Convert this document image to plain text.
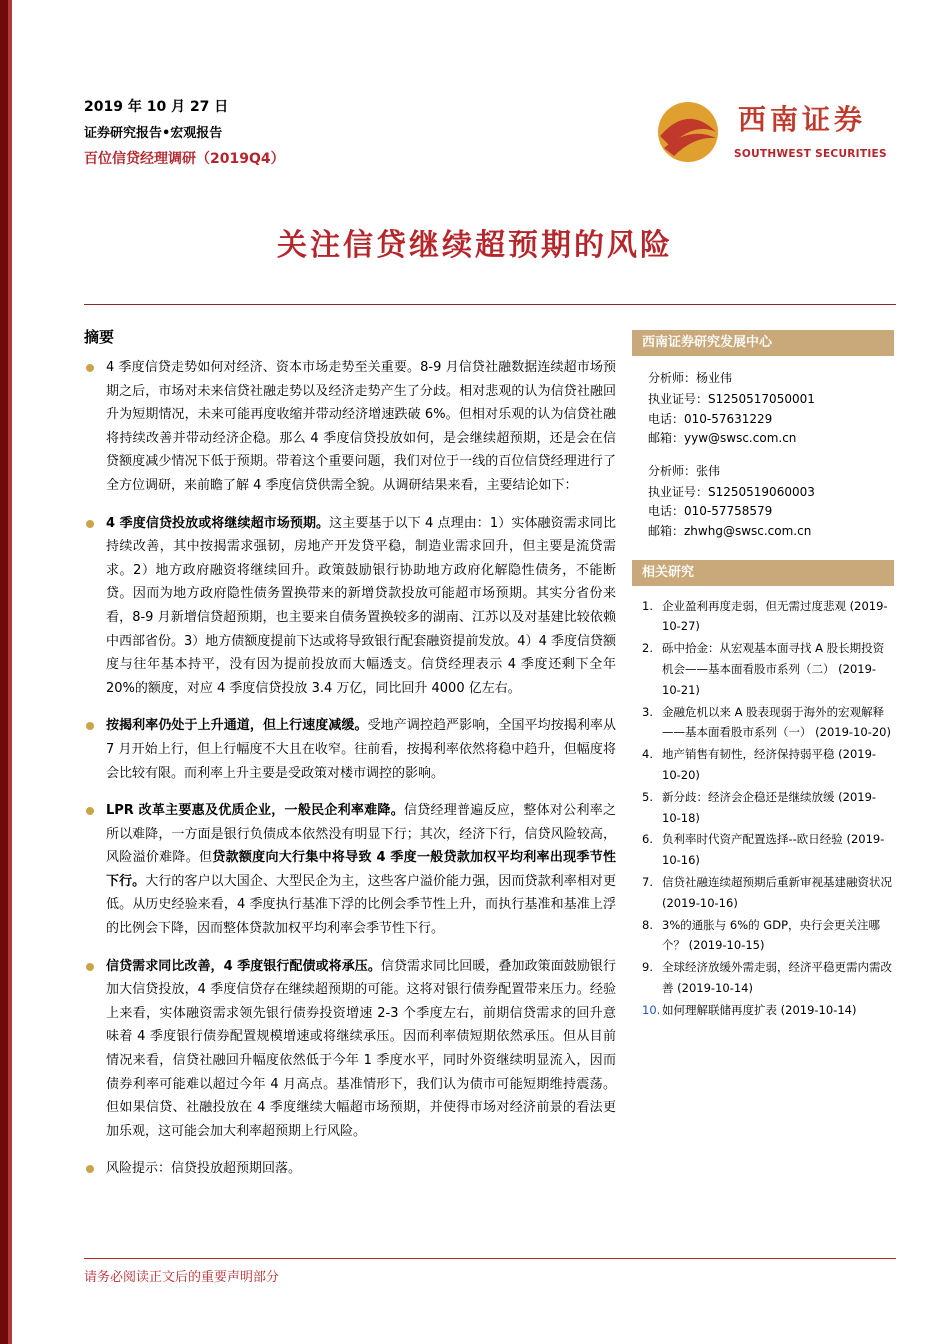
2019 年 10 月 27 日
证券研究报告•宏观报告
百位信贷经理调研（2019Q4）
西南证券
SOUTHWEST SECURITIES
关注信贷继续超预期的风险
摘要
4 季度信贷走势如何对经济、资本市场走势至关重要。8-9 月信贷社融数据连续超市场预期之后，市场对未来信贷社融走势以及经济走势产生了分歧。相对悲观的认为信贷社融回升为短期情况，未来可能再度收缩并带动经济增速跌破 6%。但相对乐观的认为信贷社融将持续改善并带动经济企稳。那么 4 季度信贷投放如何，是会继续超预期，还是会在信贷额度减少情况下低于预期。带着这个重要问题，我们对位于一线的百位信贷经理进行了全方位调研，来前瞻了解 4 季度信贷供需全貌。从调研结果来看，主要结论如下：
4 季度信贷投放或将继续超市场预期。这主要基于以下 4 点理由：1）实体融资需求同比持续改善，其中按揭需求强韧，房地产开发贷平稳，制造业需求回升，但主要是流贷需求。2）地方政府融资将继续回升。政策鼓励银行协助地方政府化解隐性债务，不能断贷。因而为地方政府隐性债务置换带来的新增贷款投放可能超市场预期。其实分省份来看，8-9 月新增信贷超预期，也主要来自债务置换较多的湖南、江苏以及对基建比较依赖中西部省份。3）地方债额度提前下达或将导致银行配套融资提前发放。4）4 季度信贷额度与往年基本持平，没有因为提前投放而大幅透支。信贷经理表示 4 季度还剩下全年 20%的额度，对应 4 季度信贷投放 3.4 万亿，同比回升 4000 亿左右。
按揭利率仍处于上升通道，但上行速度减缓。受地产调控趋严影响，全国平均按揭利率从 7 月开始上行，但上行幅度不大且在收窄。往前看，按揭利率依然将稳中趋升，但幅度将会比较有限。而利率上升主要是受政策对楼市调控的影响。
LPR 改革主要惠及优质企业，一般民企利率难降。信贷经理普遍反应，整体对公利率之所以难降，一方面是银行负债成本依然没有明显下行；其次，经济下行，信贷风险较高，风险溢价难降。但贷款额度向大行集中将导致 4 季度一般贷款加权平均利率出现季节性下行。大行的客户以大国企、大型民企为主，这些客户溢价能力强，因而贷款利率相对更低。从历史经验来看，4 季度执行基准下浮的比例会季节性上升，而执行基准和基准上浮的比例会下降，因而整体贷款加权平均利率会季节性下行。
信贷需求同比改善，4 季度银行配债或将承压。信贷需求同比回暖，叠加政策面鼓励银行加大信贷投放，4 季度信贷存在继续超预期的可能。这将对银行债券配置带来压力。经验上来看，实体融资需求领先银行债券投资增速 2-3 个季度左右，前期信贷需求的回升意味着 4 季度银行债券配置规模增速或将继续承压。因而利率债短期依然承压。但从目前情况来看，信贷社融回升幅度依然低于今年 1 季度水平，同时外资继续明显流入，因而债券利率可能难以超过今年 4 月高点。基准情形下，我们认为债市可能短期维持震荡。但如果信贷、社融投放在 4 季度继续大幅超市场预期，并使得市场对经济前景的看法更加乐观，这可能会加大利率超预期上行风险。
风险提示：信贷投放超预期回落。
西南证券研究发展中心
分析师：杨业伟
执业证号：S1250517050001
电话：010-57631229
邮箱：yyw@swsc.com.cn
分析师：张伟
执业证号：S1250519060003
电话：010-57758579
邮箱：zhwhg@swsc.com.cn
相关研究
1. 企业盈利再度走弱，但无需过度悲观 (2019-10-27)
2. 砾中拾金：从宏观基本面寻找 A 股长期投资机会——基本面看股市系列（二） (2019-10-21)
3. 金融危机以来 A 股表现弱于海外的宏观解释——基本面看股市系列（一） (2019-10-20)
4. 地产销售有韧性，经济保持弱平稳 (2019-10-20)
5. 新分歧：经济会企稳还是继续放缓 (2019-10-18)
6. 负利率时代资产配置选择--欧日经验 (2019-10-16)
7. 信贷社融连续超预期后重新审视基建融资状况 (2019-10-16)
8. 3%的通胀与 6%的 GDP，央行会更关注哪个？ (2019-10-15)
9. 全球经济放缓外需走弱，经济平稳更需内需改善 (2019-10-14)
10. 如何理解联储再度扩表 (2019-10-14)
请务必阅读正文后的重要声明部分
